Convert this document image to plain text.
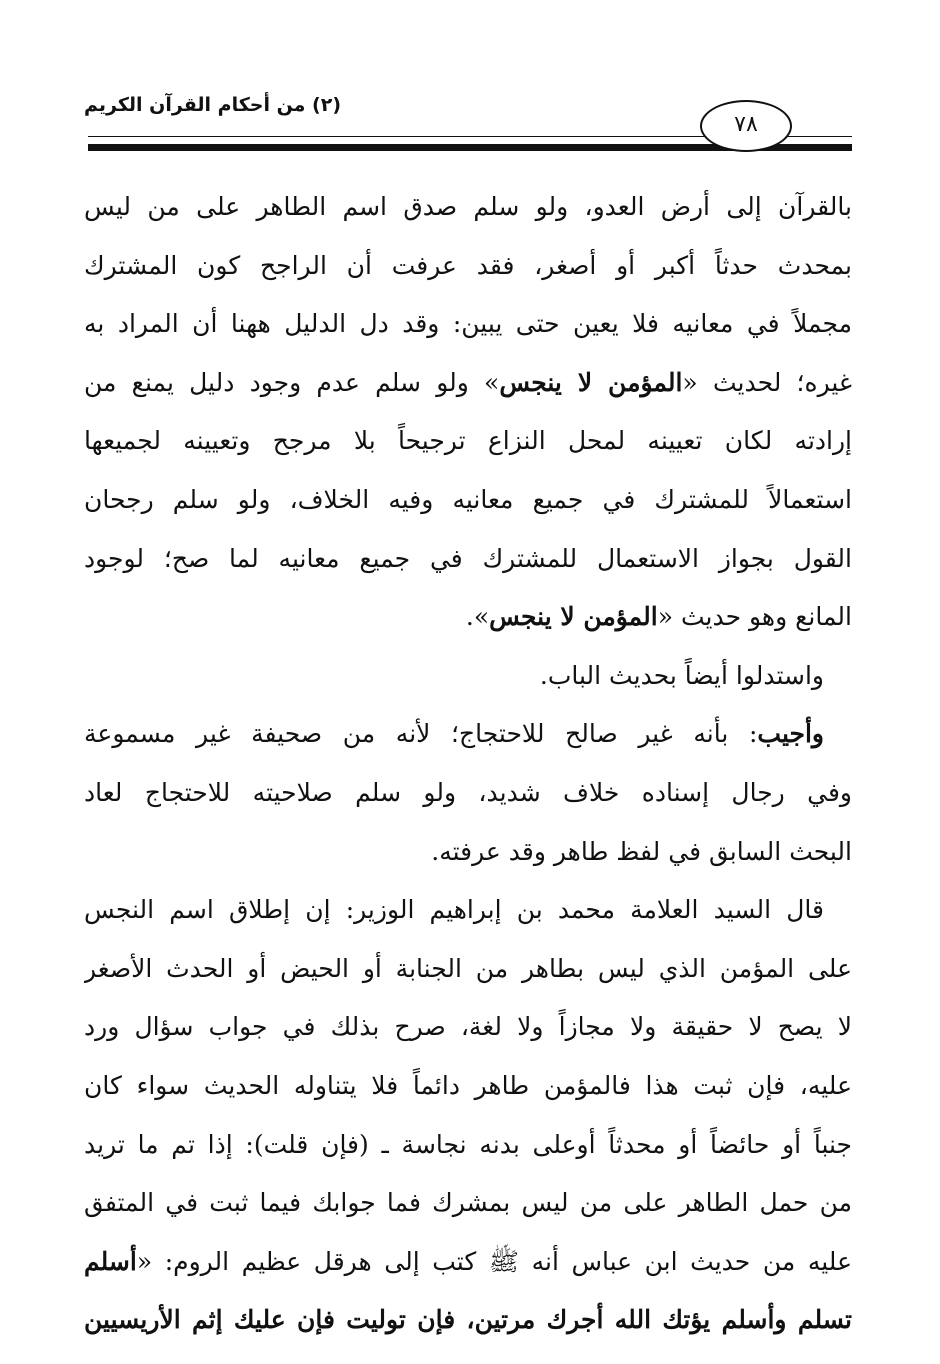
(٢) من أحكام القرآن الكريم
٧٨
بالقرآن إلى أرض العدو، ولو سلم صدق اسم الطاهر على من ليس
بمحدث حدثاً أكبر أو أصغر، فقد عرفت أن الراجح كون المشترك
مجملاً في معانيه فلا يعين حتى يبين: وقد دل الدليل ههنا أن المراد به
غيره؛ لحديث «المؤمن لا ينجس» ولو سلم عدم وجود دليل يمنع من
إرادته لكان تعيينه لمحل النزاع ترجيحاً بلا مرجح وتعيينه لجميعها
استعمالاً للمشترك في جميع معانيه وفيه الخلاف، ولو سلم رجحان
القول بجواز الاستعمال للمشترك في جميع معانيه لما صح؛ لوجود
المانع وهو حديث «المؤمن لا ينجس».
واستدلوا أيضاً بحديث الباب.
وأجيب: بأنه غير صالح للاحتجاج؛ لأنه من صحيفة غير مسموعة
وفي رجال إسناده خلاف شديد، ولو سلم صلاحيته للاحتجاج لعاد
البحث السابق في لفظ طاهر وقد عرفته.
قال السيد العلامة محمد بن إبراهيم الوزير: إن إطلاق اسم النجس
على المؤمن الذي ليس بطاهر من الجنابة أو الحيض أو الحدث الأصغر
لا يصح لا حقيقة ولا مجازاً ولا لغة، صرح بذلك في جواب سؤال ورد
عليه، فإن ثبت هذا فالمؤمن طاهر دائماً فلا يتناوله الحديث سواء كان
جنباً أو حائضاً أو محدثاً أوعلى بدنه نجاسة ـ (فإن قلت): إذا تم ما تريد
من حمل الطاهر على من ليس بمشرك فما جوابك فيما ثبت في المتفق
عليه من حديث ابن عباس أنه ﷺ كتب إلى هرقل عظيم الروم: «أسلم
تسلم وأسلم يؤتك الله أجرك مرتين، فإن توليت فإن عليك إثم الأريسيين
